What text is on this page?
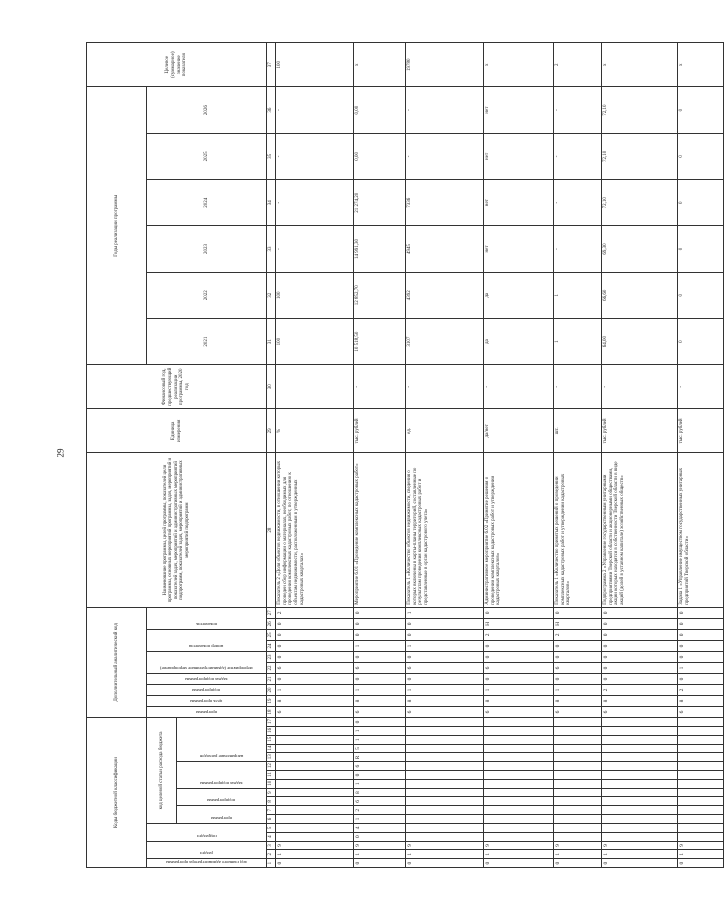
29
Коды бюджетной классификации																	Дополнительный аналитический код										Наименование программы, целей программы, показателей цели программы, основных мероприятий программы, задач, мероприятий и показателей задач, мероприятий и административных мероприятий подпрограмм, показателей задач, мероприятий и административных мероприятий подпрограмм	Единица измерения	Финансовый год, предшествующий реализации программы, 2020 год	Годы реализации программы						Целевое (суммарное) значение показателя

код главного администратора программы	раздел		подраздел		код целевой статьи расхода бюджета												программа	цель программы	подпрограмма	задача подпрограммы	мероприятие (административное мероприятие)		номер показателя		показатель					2021	2022	2023	2024	2025	2026	

					программа		подпрограмма		задача подпрограммы			направление расходов																								

1	2	3	4	5	6	7	8	9	10	11	12	13	14	15	16	17	18	19	20	21	22	23	24	25	26	27	28	29	30	31	32	33	34	35	36	37
0	1	9															6	8	1	0	6	0	0	0	0	2	Показатель 2 «Доля объектов недвижимости, в отношении которых проведен сбор информации о материалах, необходимых для проведения комплексных кадастровых работ, по отношению к объектам недвижимости, расположенным в утвержденных кадастровых кварталах»	%		100	100	-	-	-	-	100
0	1	9	0	4	1	2	6	8	1	0	6	R	5	1	1	0	6	8	1	0	6	0	1	0	0	0	Мероприятие 6.01 «Проведение комплексных кадастровых работ»	тыс. рублей	-	10 518,50	12 852,70	14 991,30	21 274,20	0,00	0,00	x
0	1	9															6	8	1	0	6	0	1	0	0	1	Показатель 1 «Количество объектов недвижимости, сведения о которых включены в карты-планы территорий, составленные по результатам проведения комплексных кадастровых работ и представленные в орган кадастрового учета»	ед.	-	3107	4392	4945	7336	-	-	19780
0	1	9															6	8	1	0	6	0	0	2	Н	0	Административное мероприятие 6.02 «Принятие решения о проведении комплексных кадастровых работ и утверждении кадастровых кварталов»	да/нет	-	да	да	нет	нет	нет	нет	x
0	1	9															6	8	1	0	6	0	0	2	Н	0	Показатель 1 «Количество принятых решений о проведении комплексных кадастровых работ и утверждении кадастровых кварталов»	шт.	-	1	1	-	-	-	-	2
0	1	9															6	8	2	0	0	0	0	0	0	0	Подпрограмма 2 «Управление государственным унитарными предприятиями Тверской области и акционерными обществами, акции которых находятся в собственности Тверской области в виде акций (долей в уставном капитале) хозяйственных обществ»	тыс. рублей	-	64,00	66,60	69,30	72,10	72,10	72,10	x
0	1	9															6	8	2	0	1	0	0	0	0	0	Задача 1 «Управление имуществом государственных унитарных предприятий Тверской области»	тыс. рублей	-	0	0	0	0	0	0	x
